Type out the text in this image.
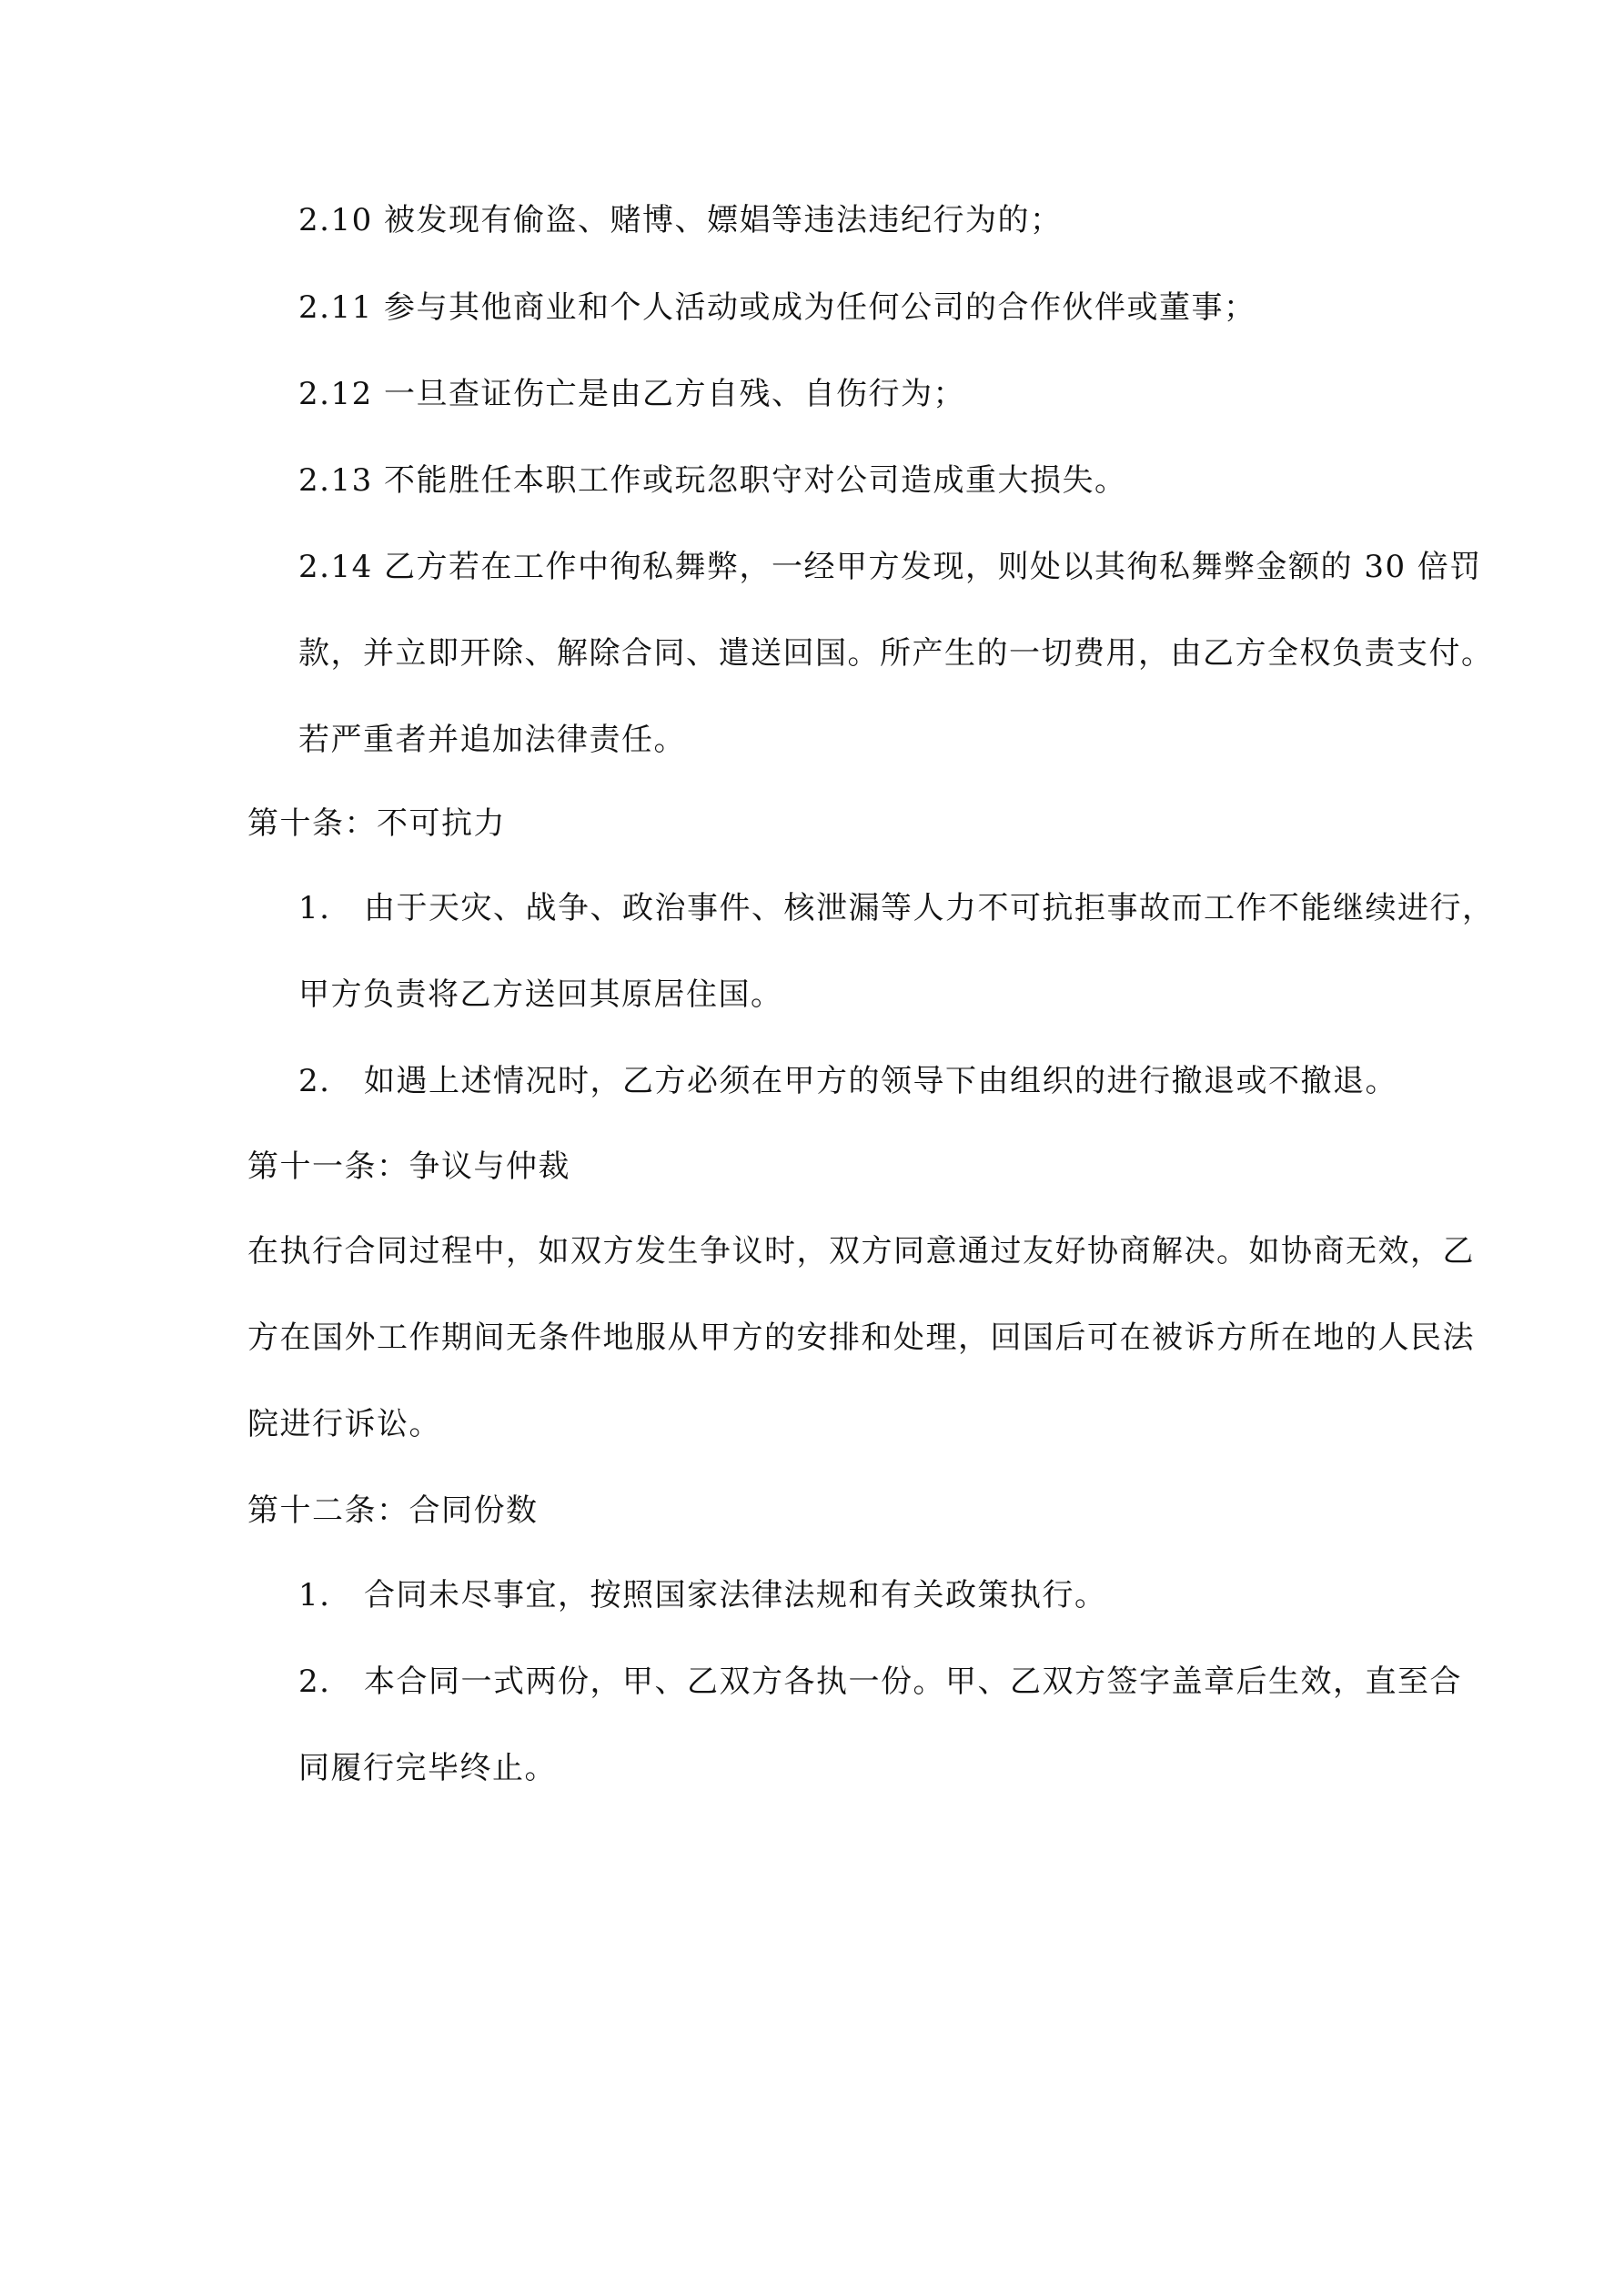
2.10 被发现有偷盗、赌博、嫖娼等违法违纪行为的；
2.11 参与其他商业和个人活动或成为任何公司的合作伙伴或董事；
2.12 一旦查证伤亡是由乙方自残、自伤行为；
2.13 不能胜任本职工作或玩忽职守对公司造成重大损失。
2.14 乙方若在工作中徇私舞弊，一经甲方发现，则处以其徇私舞弊金额的 30 倍罚
款，并立即开除、解除合同、遣送回国。所产生的一切费用，由乙方全权负责支付。
若严重者并追加法律责任。
第十条：不可抗力
1. 由于天灾、战争、政治事件、核泄漏等人力不可抗拒事故而工作不能继续进行，
甲方负责将乙方送回其原居住国。
2. 如遇上述情况时，乙方必须在甲方的领导下由组织的进行撤退或不撤退。
第十一条：争议与仲裁
在执行合同过程中，如双方发生争议时，双方同意通过友好协商解决。如协商无效，乙
方在国外工作期间无条件地服从甲方的安排和处理，回国后可在被诉方所在地的人民法
院进行诉讼。
第十二条：合同份数
1. 合同未尽事宜，按照国家法律法规和有关政策执行。
2. 本合同一式两份，甲、乙双方各执一份。甲、乙双方签字盖章后生效，直至合
同履行完毕终止。
